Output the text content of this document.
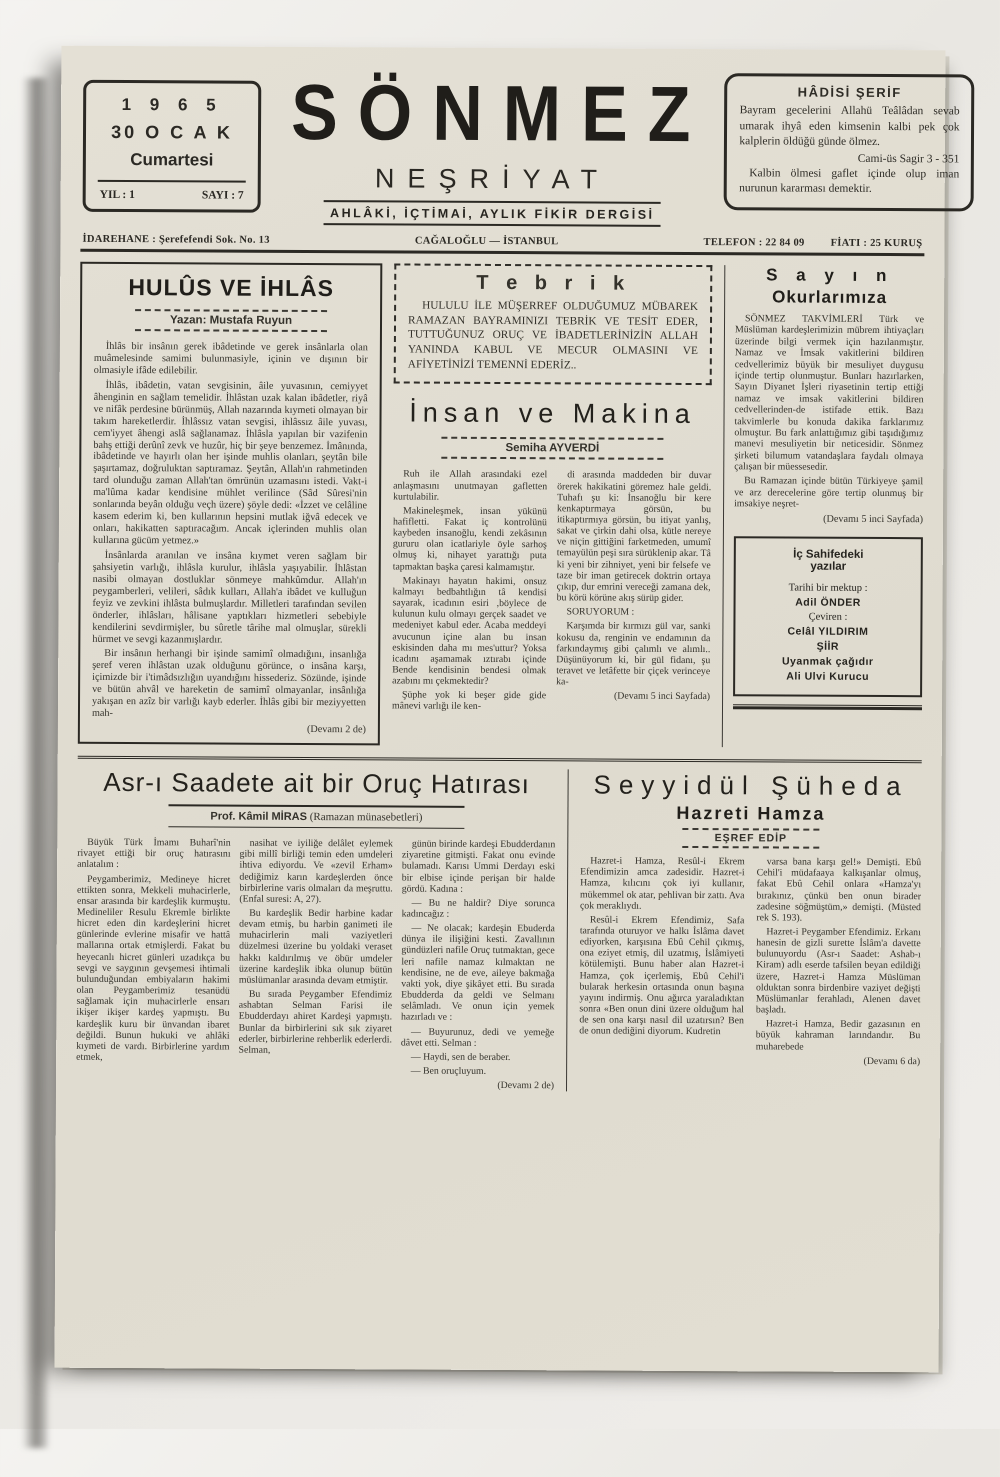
1 9 6 5
30 O C A K
Cumartesi
YIL : 1	SAYI : 7
SÖNMEZ
NEŞRİYAT
AHLÂKİ, İÇTİMAİ, AYLIK FİKİR DERGİSİ
HÂDİSİ ŞERİF

Bayram gecelerini Allahü Teâlâdan sevab umarak ihyâ eden kimsenin kalbi pek çok kalplerin öldüğü günde ölmez.

Cami-üs Sagir 3 - 351

Kalbin ölmesi gaflet içinde olup iman nurunun kararması demektir.

İDAREHANE : Şerefefendi Sok. No. 13	CAĞALOĞLU — İSTANBUL	TELEFON : 22 84 09 FİATI : 25 KURUŞ
HULÛS VE İHLÂS
Yazan: Mustafa Ruyun

İhlâs bir insânın gerek ibâdetinde ve gerek insânlarla olan muâmelesinde samimi bulunmasiyle, içinin ve dışının bir olmasiyle ifâde edilebilir.

İhlâs, ibâdetin, vatan sevgisinin, âile yuvasının, cemiyyet âhenginin en sağlam temelidir. İhlâstan uzak kalan ibâdetler, riyâ ve nifâk perdesine bürünmüş, Allah nazarında kıymeti olmayan bir takım hareketlerdir. İhlâssız vatan sevgisi, ihlâssız âile yuvası, cem'iyyet âhengi aslâ sağlanamaz. İhlâsla yapılan bir vazifenin bahş ettiği derûnî zevk ve huzûr, hiç bir şeye benzemez. İmânında, ibâdetinde ve hayırlı olan her işinde muhlis olanları, şeytân bile şaşırtamaz, doğruluktan saptıramaz. Şeytân, Allah'ın rahmetinden tard olunduğu zaman Allah'tan ömrünün uzamasını istedi. Vakt-i ma'lûma kadar kendisine mühlet verilince (Sâd Sûresi'nin sonlarında beyân olduğu veçh üzere) şöyle dedi: «İzzet ve celâline kasem ederim ki, ben kullarının hepsini mutlak iğvâ edecek ve onları, hakikatten saptıracağım. Ancak içlerinden muhlis olan kullarına gücüm yetmez.»

İnsânlarda aranılan ve insâna kıymet veren sağlam bir şahsiyetin varlığı, ihlâsla kurulur, ihlâsla yaşıyabilir. İhlâstan nasibi olmayan dostluklar sönmeye mahkûmdur. Allah'ın peygamberleri, velileri, sâdık kulları, Allah'a ibâdet ve kulluğun feyiz ve zevkini ihlâsta bulmuşlardır. Milletleri tarafından sevilen önderler, ihlâsları, hâlisane yaptıkları hizmetleri sebebiyle kendilerini sevdirmişler, bu sûretle târihe mal olmuşlar, sürekli hürmet ve sevgi kazanmışlardır.

Bir insânın herhangi bir işinde samimî olmadığını, insanlığa şeref veren ihlâstan uzak olduğunu görünce, o insâna karşı, içimizde bir i'timâdsızlığın uyandığını hissederiz. Sözünde, işinde ve bütün ahvâl ve hareketin de samimî olmayanlar, insânlığa yakışan en azîz bir varlığı kayb ederler. İhlâs gibi bir meziyyetten mah-

(Devamı 2 de)
T e b r i k

HULULU İLE MÜŞERREF OLDUĞUMUZ MÜBAREK RAMAZAN BAYRAMINIZI TEBRİK VE TESİT EDER, TUTTUĞUNUZ ORUÇ VE İBADETLERİNİZİN ALLAH YANINDA KABUL VE MECUR OLMASINI VE AFİYETİNİZİ TEMENNİ EDERİZ..

İnsan ve Makina
Semiha AYVERDİ

Ruh ile Allah arasındaki ezel anlaşmasını unutmayan gafletten kurtulabilir.

Makineleşmek, insan yükünü hafifletti. Fakat iç kontrolünü kaybeden insanoğlu, kendi zekâsının gururu olan icatlariyle öyle sarhoş olmuş ki, nihayet yarattığı puta tapmaktan başka çaresi kalmamıştır.

Makinayı hayatın hakimi, onsuz kalmayı bedbahtlığın tâ kendisi sayarak, icadının esiri ,böylece de kulunun kulu olmayı gerçek saadet ve medeniyet kabul eder. Acaba meddeyi avucunun içine alan bu insan eskisinden daha mı mes'uttur? Yoksa icadını aşamamak ıztırabı içinde Bende kendisinin bendesi olmak azabını mı çekmektedir?

Şüphe yok ki beşer gide gide mânevi varlığı ile ken-

di arasında maddeden bir duvar örerek hakikatini göremez hale geldi. Tuhafı şu ki: İnsanoğlu bir kere kenkaptırmaya görsün, bu itikaptırmıya görsün, bu itiyat yanlış, sakat ve çirkin dahi olsa, kütle nereye ve niçin gittiğini farketmeden, umumî temayülün peşi sıra sürüklenip akar. Tâ ki yeni bir zihniyet, yeni bir felsefe ve taze bir iman getirecek doktrin ortaya çıkıp, dur emrini vereceği zamana dek, bu körü körüne akış sürüp gider.

SORUYORUM :

Karşımda bir kırmızı gül var, sanki kokusu da, renginin ve endamının da farkındaymış gibi çalımlı ve alımlı.. Düşünüyorum ki, bir gül fidanı, şu teravet ve letâfette bir çiçek verinceye ka-

(Devamı 5 inci Sayfada)
S a y ı n
Okurlarımıza

SÖNMEZ TAKVİMLERİ Türk ve Müslüman kardeşlerimizin mübrem ihtiyaçları üzerinde bilgi vermek için hazılanmıştır. Namaz ve İmsak vakitlerini bildiren cedvellerimiz büyük bir mesuliyet duygusu içinde tertip olunmuştur. Bunları hazırlarken, Sayın Diyanet İşleri riyasetinin tertip ettiği namaz ve imsak vakitlerini bildiren cedvellerinden-de istifade ettik. Bazı takvimlerle bu konuda dakika farklarımız olmuştur. Bu fark anlattığımız gibi taşıdığımız manevi mesuliyetin bir neticesidir. Sönmez şirketi bilumum vatandaşlara faydalı olmaya çalışan bir müessesedir.

Bu Ramazan içinde bütün Türkiyeye şamil ve arz derecelerine göre tertip olunmuş bir imsakiye neşret-

(Devamı 5 inci Sayfada)
İç Sahifedeki
yazılar
Tarihi bir mektup :
Adil ÖNDER
Çeviren :
Celâl YILDIRIM
ŞİİR
Uyanmak çağıdır
Ali Ulvi Kurucu
Asr-ı Saadete ait bir Oruç Hatırası
Prof. Kâmil MİRAS (Ramazan münasebetleri)

Büyük Türk İmamı Buharî'nin rivayet ettiği bir oruç hatırasını anlatalım :

Peygamberimiz, Medineye hicret ettikten sonra, Mekkeli muhacirlerle, ensar arasında bir kardeşlik kurmuştu. Medineliler Resulu Ekremle birlikte hicret eden din kardeşlerini hicret günlerinde evlerine misafir ve hattâ mallarına ortak etmişlerdi. Fakat bu heyecanlı hicret günleri uzadıkça bu sevgi ve saygının gevşemesi ihtimali bulunduğundan embiyaların hakimi olan Peygamberimiz tesanüdü sağlamak için muhacirlerle ensarı ikişer ikişer kardeş yapmıştı. Bu kardeşlik kuru bir ünvandan ibaret değildi. Bunun hukuki ve ahlâki kıymeti de vardı. Birbirlerine yardım etmek,

nasihat ve iyiliğe delâlet eylemek gibi millî birliği temin eden umdeleri ihtiva ediyordu. Ve «zevil Erham» dediğimiz karın kardeşlerden önce birbirlerine varis olmaları da meşruttu. (Enfal suresi: A, 27).

Bu kardeşlik Bedir harbine kadar devam etmiş, bu harbin ganimeti ile muhacirlerin mali vaziyetleri düzelmesi üzerine bu yoldaki veraset hakkı kaldırılmış ve öbür umdeler üzerine kardeşlik ibka olunup bütün müslümanlar arasında devam etmiştir.

Bu sırada Peygamber Efendimiz ashabtan Selman Farisi ile Ebudderdayı ahiret Kardeşi yapmıştı. Bunlar da birbirlerini sık sık ziyaret ederler, birbirlerine rehberlik ederlerdi. Selman,

günün birinde kardeşi Ebudderdanın ziyaretine gitmişti. Fakat onu evinde bulamadı. Karısı Ummi Derdayı eski bir elbise içinde perişan bir halde gördü. Kadına :

— Bu ne haldir? Diye sorunca kadıncağız :

— Ne olacak; kardeşin Ebuderda dünya ile ilişiğini kesti. Zavallının gündüzleri nafile Oruç tutmaktan, gece leri nafile namaz kılmaktan ne kendisine, ne de eve, aileye bakmağa vakti yok, diye şikâyet etti. Bu sırada Ebudderda da geldi ve Selmanı selâmladı. Ve onun için yemek hazırladı ve :

— Buyurunuz, dedi ve yemeğe dâvet etti. Selman :

— Haydi, sen de beraber.

— Ben oruçluyum.

(Devamı 2 de)
Seyyidül Şüheda
Hazreti Hamza
EŞREF EDİP

Hazret-i Hamza, Resûl-i Ekrem Efendimizin amca zadesidir. Hazret-i Hamza, kılıcını çok iyi kullanır, mükemmel ok atar, pehlivan bir zattı. Ava çok meraklıydı.

Resûl-i Ekrem Efendimiz, Safa tarafında oturuyor ve halkı İslâma davet ediyorken, karşısına Ebû Cehil çıkmış, ona eziyet etmiş, dil uzatmış, İslâmiyeti kötülemişti. Bunu haber alan Hazret-i Hamza, çok içerlemiş, Ebû Cehil'i bularak herkesin ortasında onun başına yayını indirmiş. Onu ağırca yaraladıktan sonra «Ben onun dini üzere olduğum hal de sen ona karşı nasıl dil uzatırsın? Ben de onun dediğini diyorum. Kudretin

varsa bana karşı gel!» Demişti. Ebû Cehil'i müdafaaya kalkışanlar olmuş, fakat Ebû Cehil onlara «Hamza'yı bırakınız, çünkü ben onun birader zadesine söğmüştüm,» demişti. (Müsted rek S. 193).

Hazret-i Peygamber Efendimiz. Erkanı hanesin de gizli surette İslâm'a davette bulunuyordu (Asr-ı Saadet: Ashab-ı Kiram) adlı eserde tafsilen beyan edildiği üzere, Hazret-i Hamza Müslüman olduktan sonra birdenbire vaziyet değişti Müslümanlar ferahladı, Alenen davet başladı.

Hazret-i Hamza, Bedir gazasının en büyük kahraman larındandır. Bu muharebede

(Devamı 6 da)
